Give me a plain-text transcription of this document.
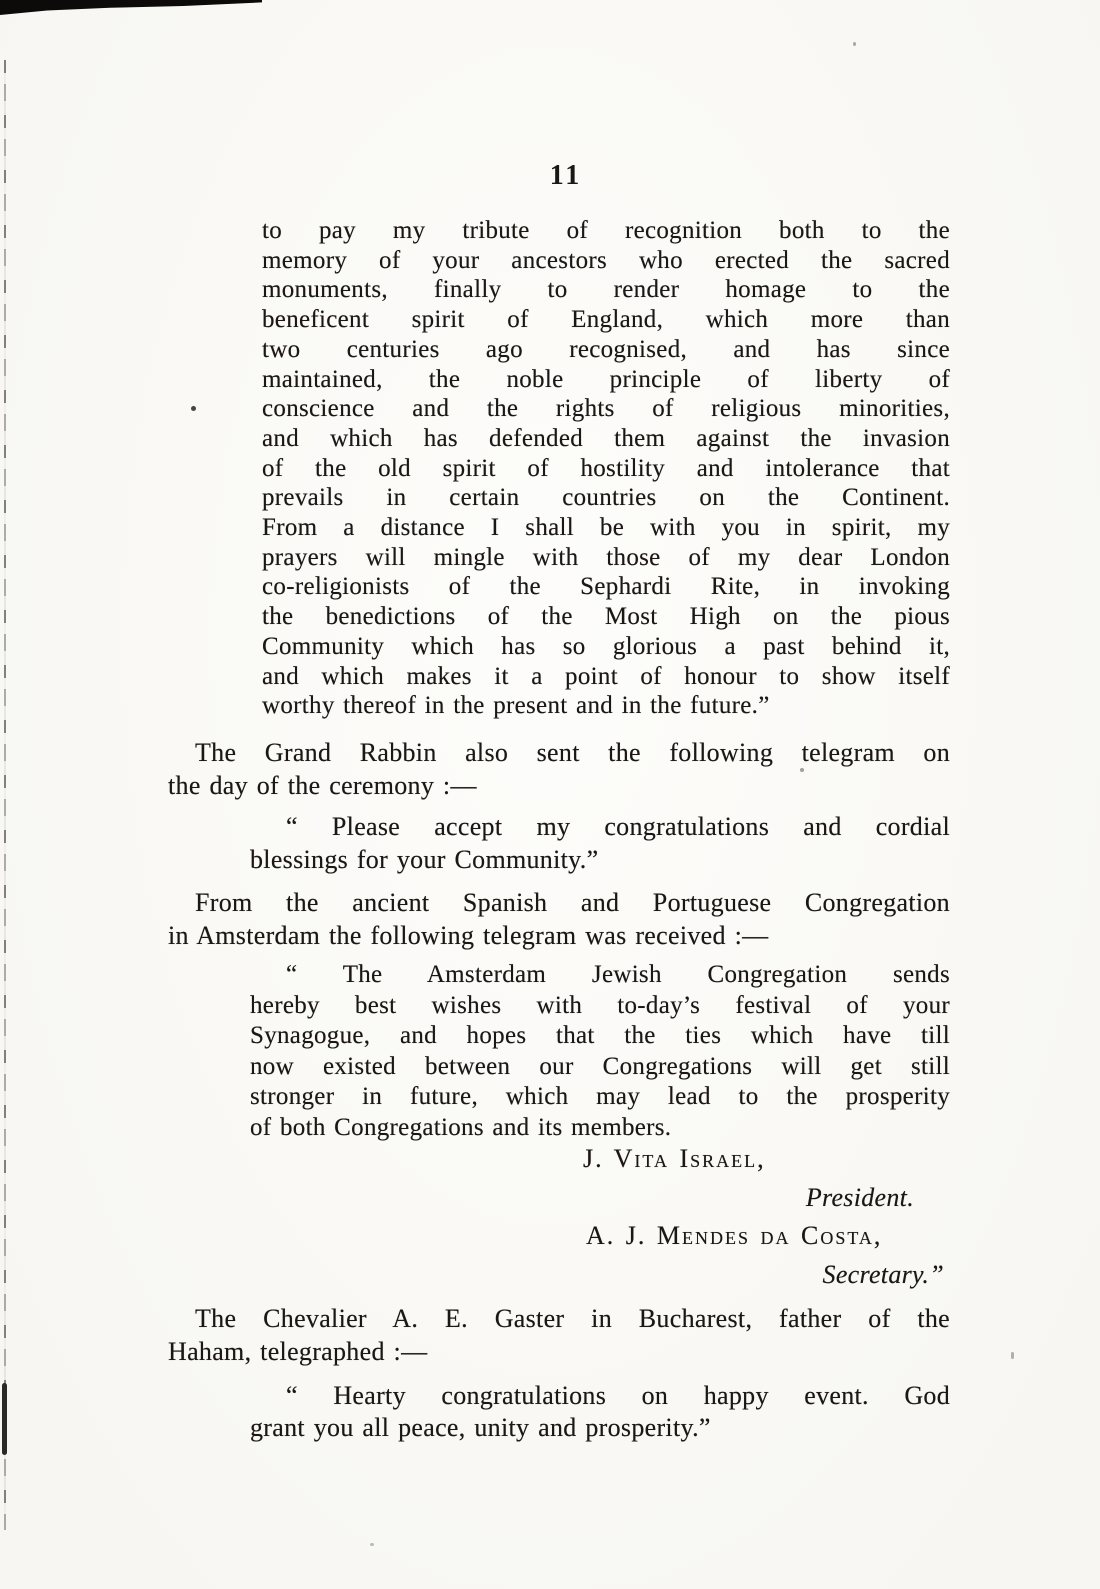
11
to pay my tribute of recognition both to the
memory of your ancestors who erected the sacred
monuments, finally to render homage to the
beneficent spirit of England, which more than
two centuries ago recognised, and has since
maintained, the noble principle of liberty of
conscience and the rights of religious minorities,
and which has defended them against the invasion
of the old spirit of hostility and intolerance that
prevails in certain countries on the Continent.
From a distance I shall be with you in spirit, my
prayers will mingle with those of my dear London
co-religionists of the Sephardi Rite, in invoking
the benedictions of the Most High on the pious
Community which has so glorious a past behind it,
and which makes it a point of honour to show itself
worthy thereof in the present and in the future.”
The Grand Rabbin also sent the following telegram on
the day of the ceremony :—
“ Please accept my congratulations and cordial
blessings for your Community.”
From the ancient Spanish and Portuguese Congregation
in Amsterdam the following telegram was received :—
“ The Amsterdam Jewish Congregation sends
hereby best wishes with to-day’s festival of your
Synagogue, and hopes that the ties which have till
now existed between our Congregations will get still
stronger in future, which may lead to the prosperity
of both Congregations and its members.
J. Vita Israel,
President.
A. J. Mendes da Costa,
Secretary.”
The Chevalier A. E. Gaster in Bucharest, father of the
Haham, telegraphed :—
“ Hearty congratulations on happy event. God
grant you all peace, unity and prosperity.”
